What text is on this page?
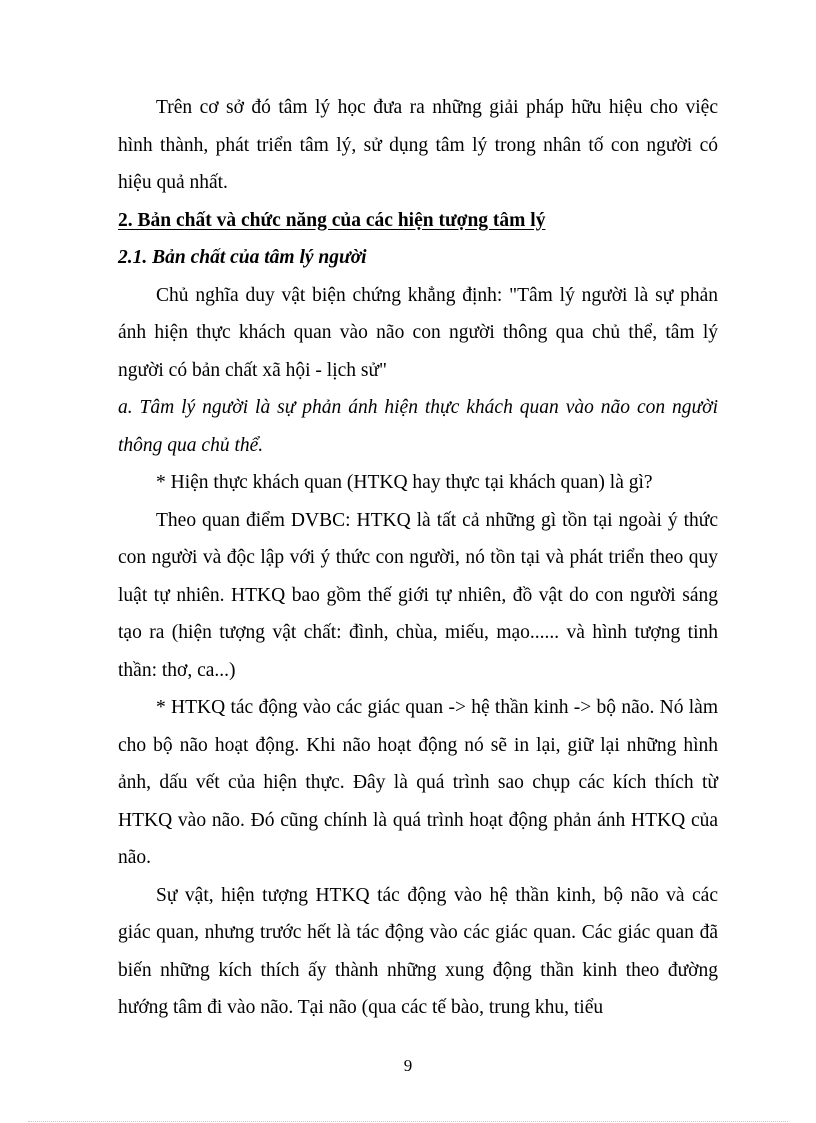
Trên cơ sở đó tâm lý học đưa ra những giải pháp hữu hiệu cho việc hình thành, phát triển tâm lý, sử dụng tâm lý trong nhân tố con người có hiệu quả nhất.

2. Bản chất và chức năng của các hiện tượng tâm lý

2.1. Bản chất của tâm lý người

Chủ nghĩa duy vật biện chứng khẳng định: "Tâm lý người là sự phản ánh hiện thực khách quan vào não con người thông qua chủ thể, tâm lý người có bản chất xã hội - lịch sử"

a. Tâm lý người là sự phản ánh hiện thực khách quan vào não con người thông qua chủ thể.

* Hiện thực khách quan (HTKQ hay thực tại khách quan) là gì?

Theo quan điểm DVBC: HTKQ là tất cả những gì tồn tại ngoài ý thức con người và độc lập với ý thức con người, nó tồn tại và phát triển theo quy luật tự nhiên. HTKQ bao gồm thế giới tự nhiên, đồ vật do con người sáng tạo ra (hiện tượng vật chất: đình, chùa, miếu, mạo...... và hình tượng tinh thần: thơ, ca...)

* HTKQ tác động vào các giác quan -> hệ thần kinh -> bộ não. Nó làm cho bộ não hoạt động. Khi não hoạt động nó sẽ in lại, giữ lại những hình ảnh, dấu vết của hiện thực. Đây là quá trình sao chụp các kích thích từ HTKQ vào não. Đó cũng chính là quá trình hoạt động phản ánh HTKQ của não.

Sự vật, hiện tượng HTKQ tác động vào hệ thần kinh, bộ não và các giác quan, nhưng trước hết là tác động vào các giác quan. Các giác quan đã biến những kích thích ấy thành những xung động thần kinh theo đường hướng tâm đi vào não. Tại não (qua các tế bào, trung khu, tiểu

9
